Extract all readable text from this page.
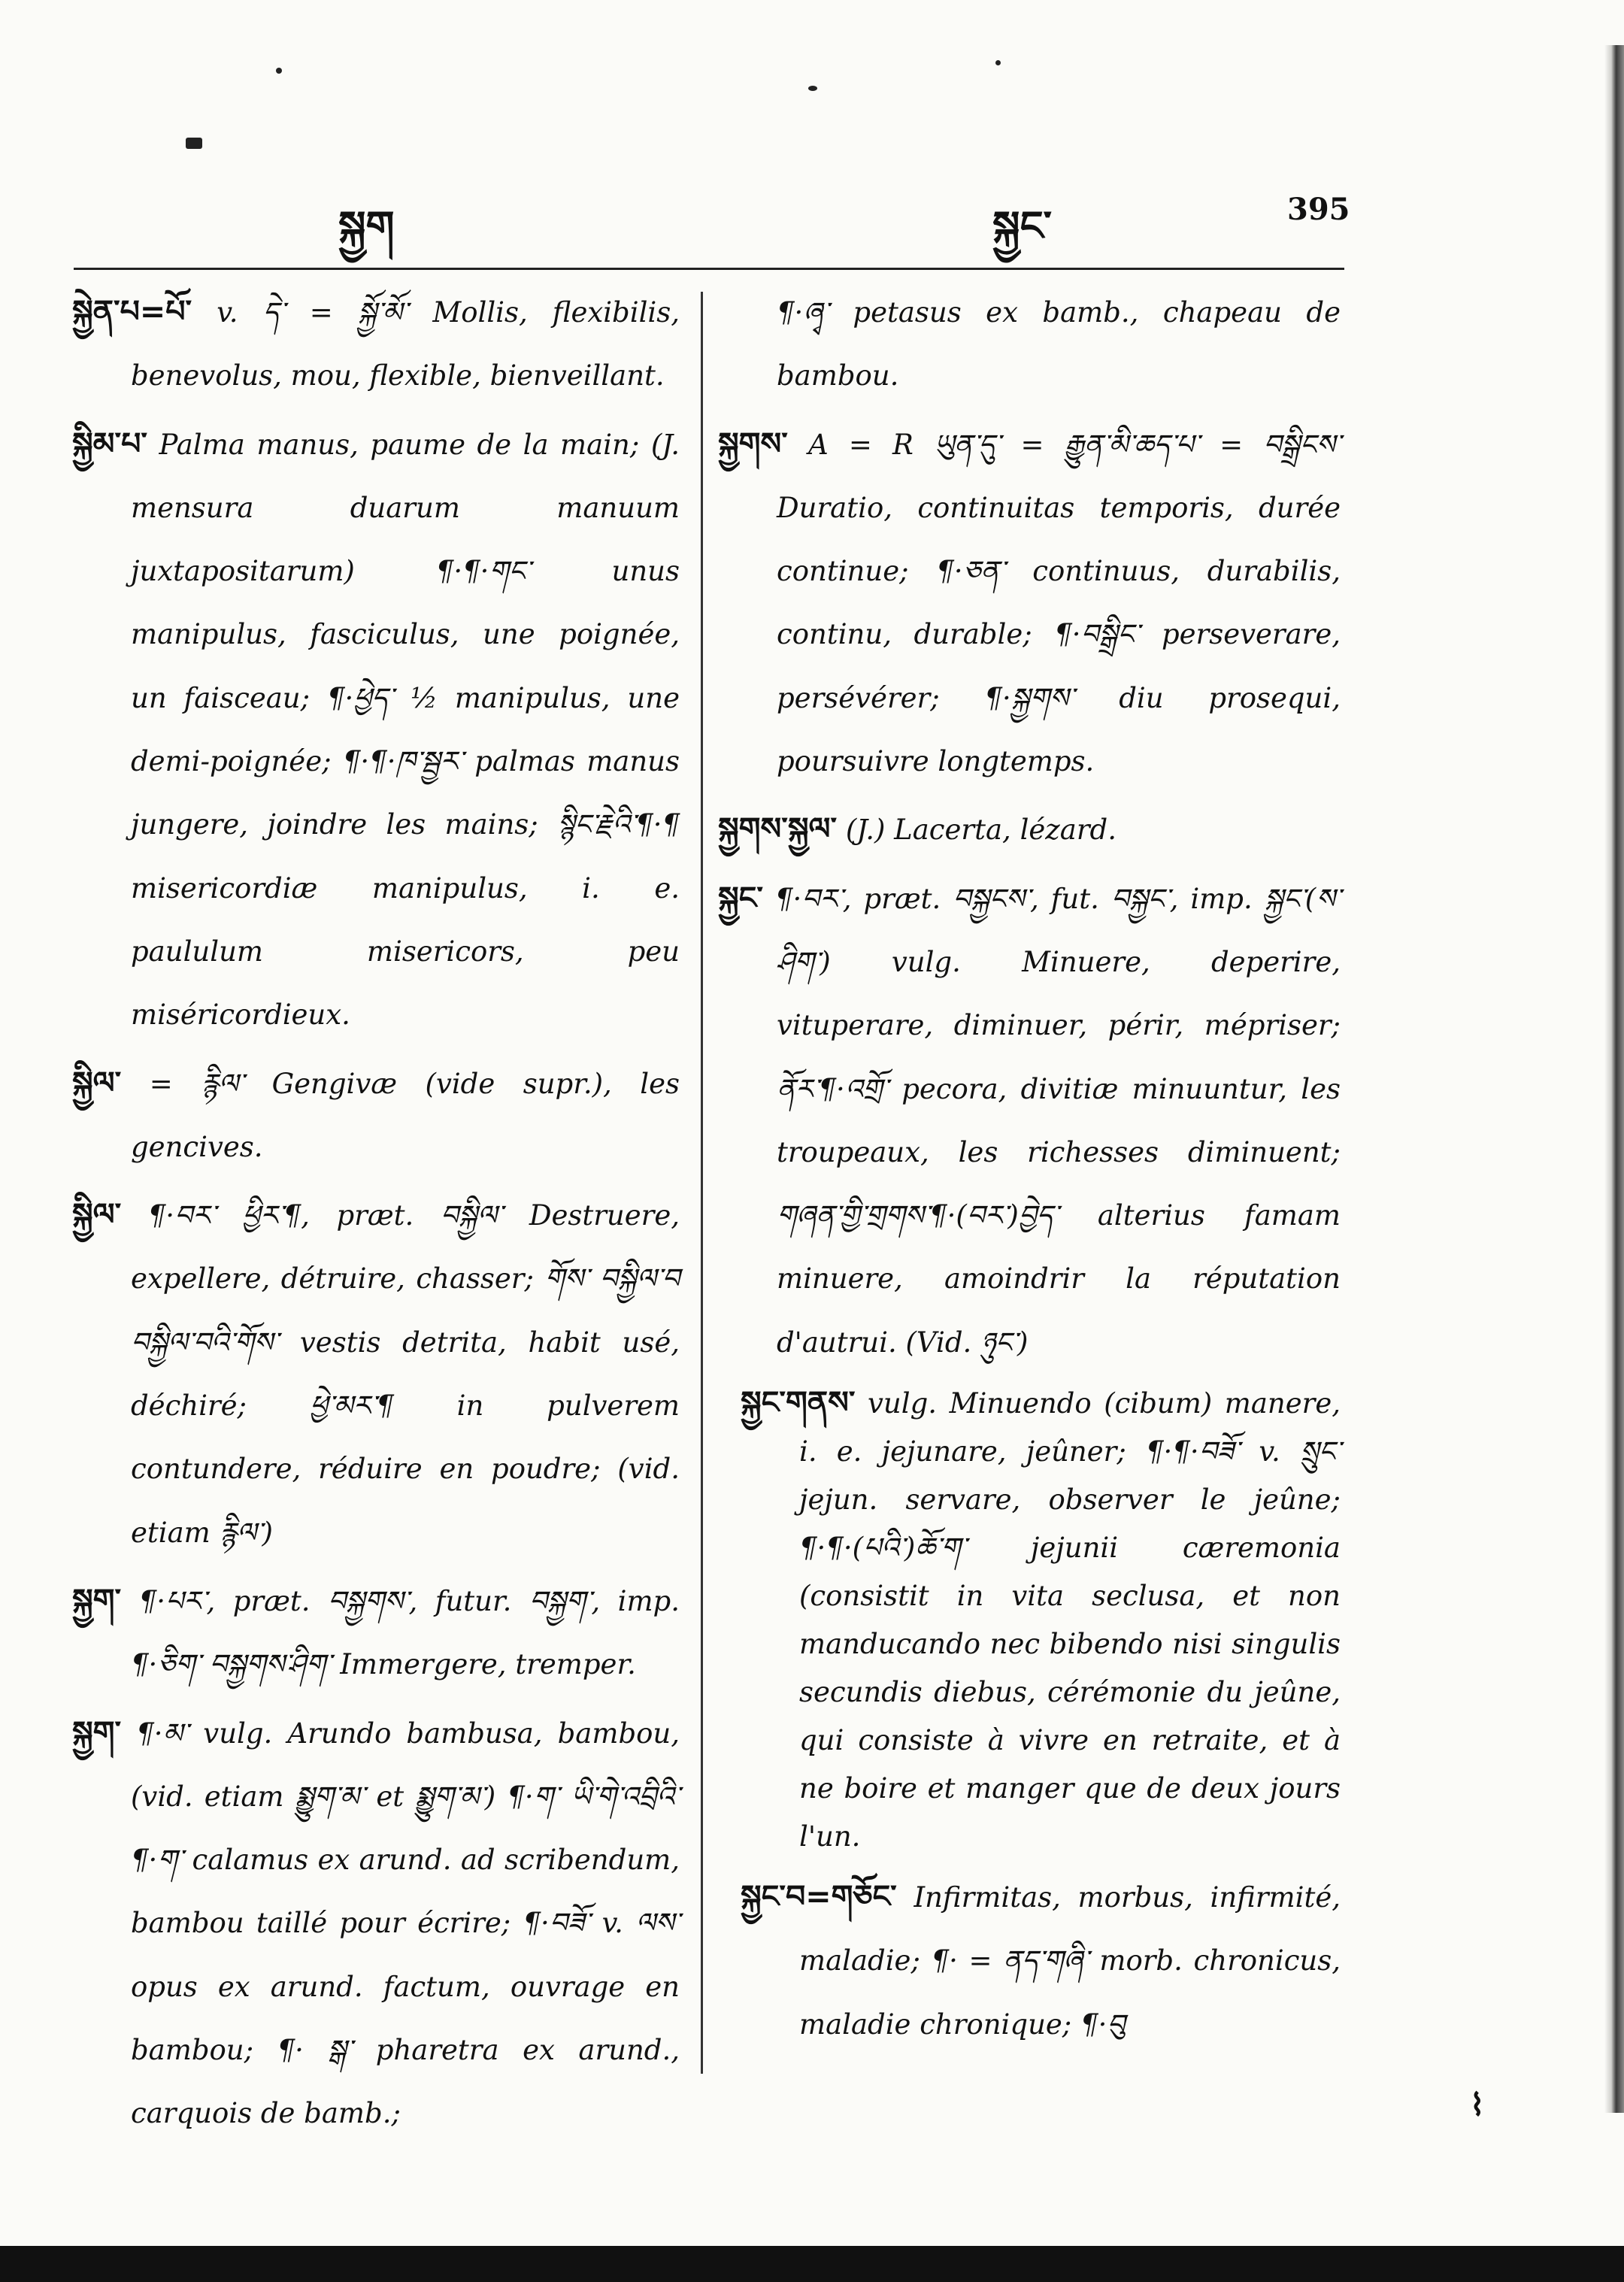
སྐྱག	སྐྱང་	395

སྐྱེན་པ=པོ་ v. དེ་ = སྐྱོ་མོ་ Mollis, flexibilis, benevolus, mou, flexible, bienveillant.

སྐྱིམ་པ་ Palma manus, paume de la main; (J. mensura duarum manuum juxtapositarum) ¶·¶·གང་ unus manipulus, fasciculus, une poignée, un faisceau; ¶·ཕྱེད་ ½ manipulus, une demi-poignée; ¶·¶·ཁ་སྦྱར་ palmas manus jungere, joindre les mains; སྙིང་རྗེའི་¶·¶ misericordiæ manipulus, i. e. paululum misericors, peu miséricordieux.

སྐྱིལ་ = རྙིལ་ Gengivæ (vide supr.), les gencives.

སྐྱིལ་ ¶·བར་ ཕྱིར་¶, præt. བསྐྱིལ་ Destruere, expellere, détruire, chasser; གོས་ བསྐྱིལ་བ བསྐྱིལ་བའི་གོས་ vestis detrita, habit usé, déchiré; ཕྱེ་མར་¶ in pulverem contundere, réduire en poudre; (vid. etiam རྙིལ་)

སྐྱག་ ¶·པར་, præt. བསྐྱགས་, futur. བསྐྱག་, imp. ¶·ཅིག་ བསྐྱགས་ཤིག་ Immergere, tremper.

སྐྱག་ ¶·མ་ vulg. Arundo bambusa, bambou, (vid. etiam སྨྱུག་མ་ et སྨྱུག་མ་) ¶·ག་ ཡི་གེ་འབྲིའི་¶·ག་ calamus ex arund. ad scribendum, bambou taillé pour écrire; ¶·བཟོ་ v. ལས་ opus ex arund. factum, ouvrage en bambou; ¶· སྒ་ pharetra ex arund., carquois de bamb.;

¶·ཞྭ་ petasus ex bamb., chapeau de bambou.

སྐྱགས་ A = R ཡུན་དུ་ = རྒྱུན་མི་ཆད་པ་ = བསྒྲིངས་ Duratio, continuitas temporis, durée continue; ¶·ཅན་ continuus, durabilis, continu, durable; ¶·བསྒྲིང་ perseverare, persévérer; ¶·སྐྱགས་ diu prosequi, poursuivre longtemps.

སྐྱགས་སྐྱལ་ (J.) Lacerta, lézard.

སྐྱང་ ¶·བར་, præt. བསྐྱངས་, fut. བསྐྱང་, imp. སྐྱང་(ས་ཤིག་) vulg. Minuere, deperire, vituperare, diminuer, périr, mépriser; ནོར་¶·འགྲོ་ pecora, divitiæ minuuntur, les troupeaux, les richesses diminuent; གཞན་གྱི་གྲགས་¶·(བར་)བྱེད་ alterius famam minuere, amoindrir la réputation d'autrui. (Vid. ཉུང་)

སྐྱང་གནས་ vulg. Minuendo (cibum) manere, i. e. jejunare, jeûner; ¶·¶·བཟོ་ v. སྲུང་ jejun. servare, observer le jeûne; ¶·¶·(པའི་)ཆོ་ག་ jejunii cæremonia (consistit in vita seclusa, et non manducando nec bibendo nisi singulis secundis diebus, cérémonie du jeûne, qui consiste à vivre en retraite, et à ne boire et manger que de deux jours l'un.

སྐྱང་བ=གཅོང་ Infirmitas, morbus, infirmité, maladie; ¶· = ནད་གཞི་ morb. chronicus, maladie chronique; ¶·བུ

⌇
